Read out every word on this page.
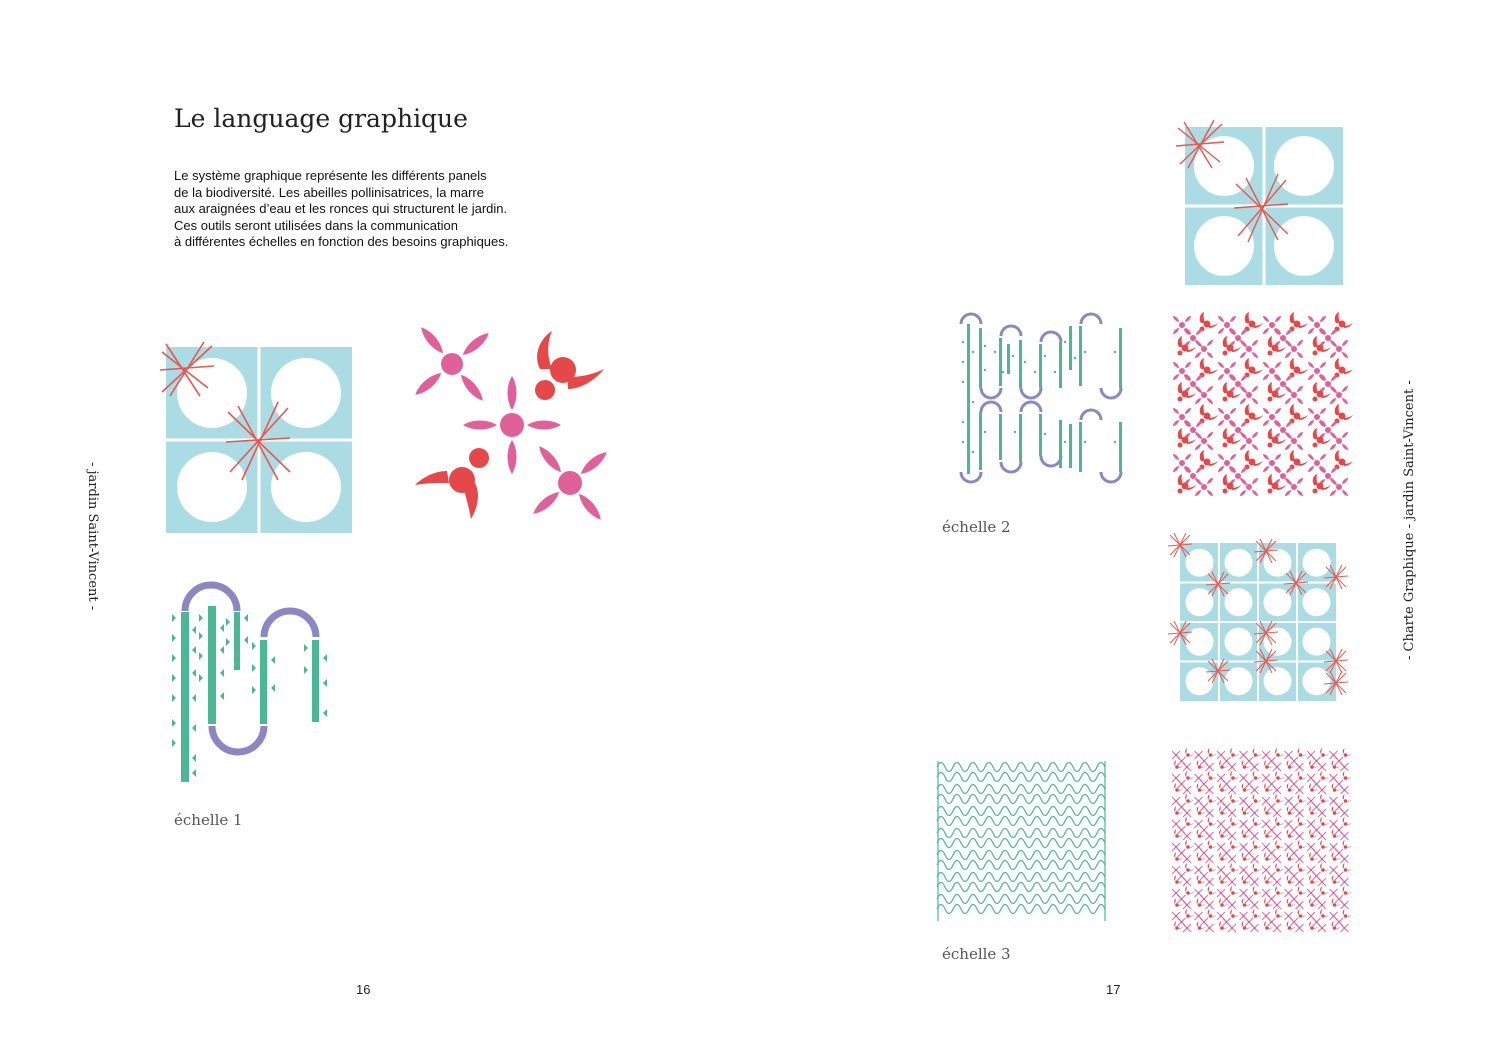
Le language graphique
Le système graphique représente les différents panels
de la biodiversité. Les abeilles pollinisatrices, la marre
aux araignées d’eau et les ronces qui structurent le jardin.
Ces outils seront utilisées dans la communication
à différentes échelles en fonction des besoins graphiques.
échelle 1
16
- jardin Saint-Vincent -	échelle 2
échelle 3
17
- Charte Graphique - jardin Saint-Vincent -
